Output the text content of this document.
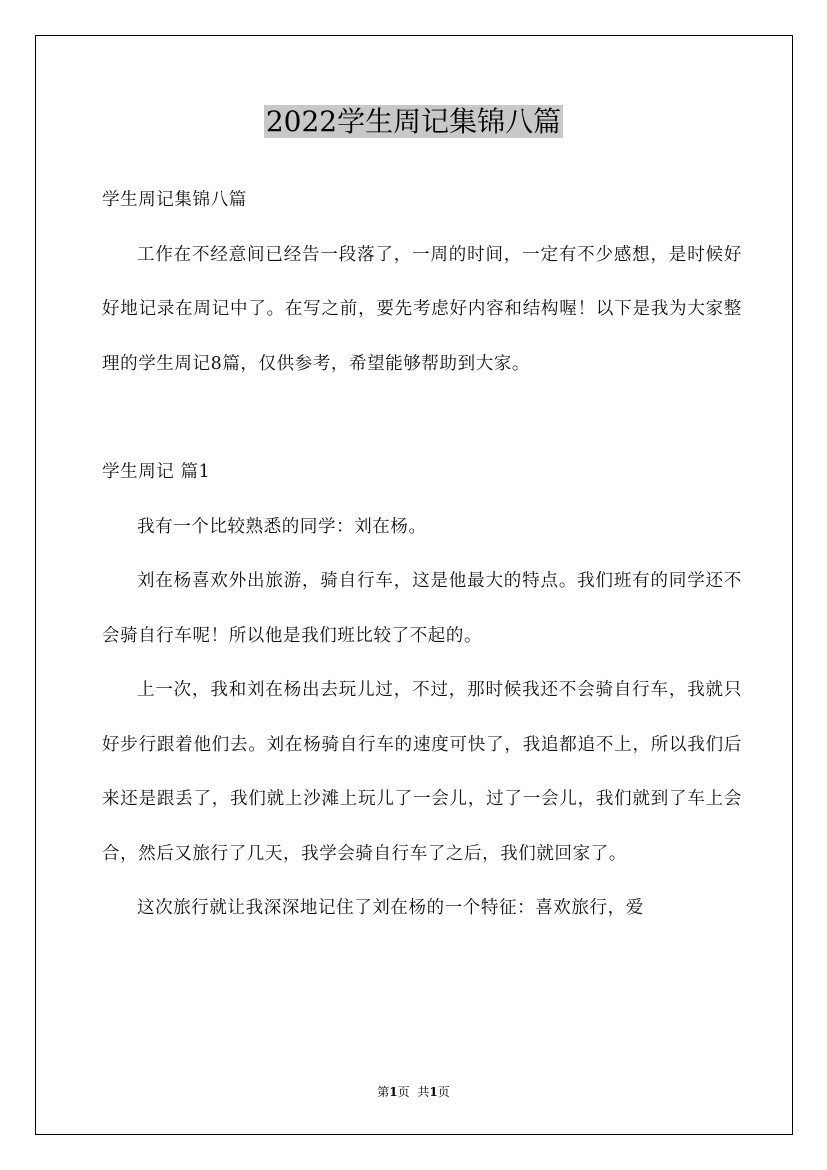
2022学生周记集锦八篇

学生周记集锦八篇

工作在不经意间已经告一段落了，一周的时间，一定有不少感想，是时候好好地记录在周记中了。在写之前，要先考虑好内容和结构喔！以下是我为大家整理的学生周记8篇，仅供参考，希望能够帮助到大家。

学生周记 篇1

我有一个比较熟悉的同学：刘在杨。

刘在杨喜欢外出旅游，骑自行车，这是他最大的特点。我们班有的同学还不会骑自行车呢！所以他是我们班比较了不起的。

上一次，我和刘在杨出去玩儿过，不过，那时候我还不会骑自行车，我就只好步行跟着他们去。刘在杨骑自行车的速度可快了，我追都追不上，所以我们后来还是跟丢了，我们就上沙滩上玩儿了一会儿，过了一会儿，我们就到了车上会合，然后又旅行了几天，我学会骑自行车了之后，我们就回家了。

这次旅行就让我深深地记住了刘在杨的一个特征：喜欢旅行，爱

第1页 共1页
